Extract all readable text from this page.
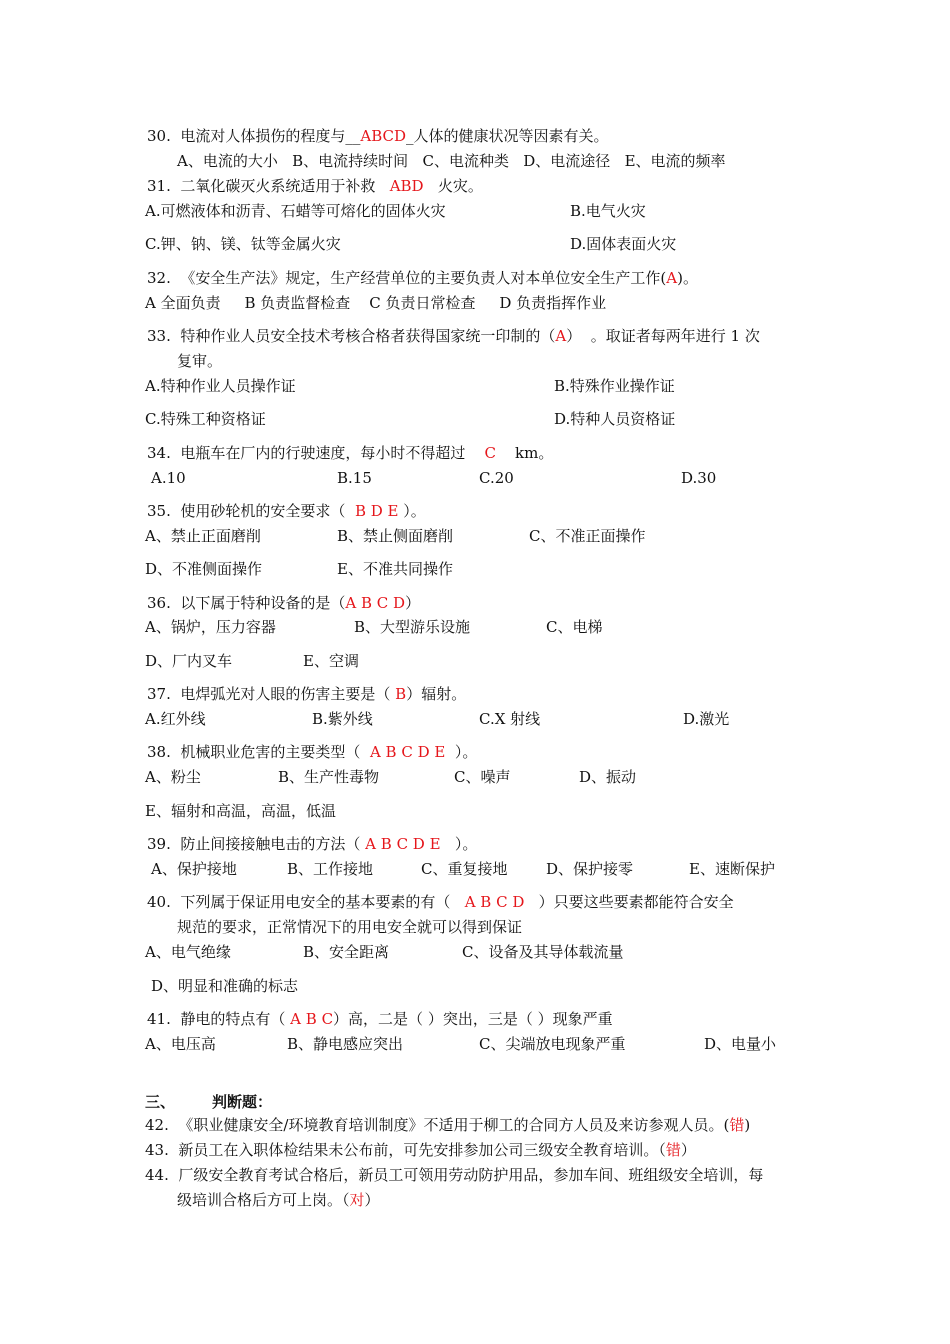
30.  电流对人体损伤的程度与__ABCD_人体的健康状况等因素有关。
A、电流的大小   B、电流持续时间   C、电流种类   D、电流途径   E、电流的频率
31.  二氧化碳灭火系统适用于补救   ABD   火灾。
A.可燃液体和沥青、石蜡等可熔化的固体火灾	B.电气火灾
C.钾、钠、镁、钛等金属火灾	D.固体表面火灾
32.  《安全生产法》规定，生产经营单位的主要负责人对本单位安全生产工作(A)。
A 全面负责     B 负责监督检查    C 负责日常检查     D 负责指挥作业
33.  特种作业人员安全技术考核合格者获得国家统一印制的（A）  。取证者每两年进行 1 次
复审。
A.特种作业人员操作证	B.特殊作业操作证
C.特殊工种资格证	D.特种人员资格证
34.  电瓶车在厂内的行驶速度，每小时不得超过    C    km。
A.10	B.15	C.20	D.30
35.  使用砂轮机的安全要求（  B D E ）。
A、禁止正面磨削	B、禁止侧面磨削	C、不准正面操作
D、不准侧面操作	E、不准共同操作
36.  以下属于特种设备的是（A B C D）
A、锅炉，压力容器	B、大型游乐设施	C、电梯
D、厂内叉车	E、空调
37.  电焊弧光对人眼的伤害主要是（ B）辐射。
A.红外线	B.紫外线	C.X 射线	D.激光
38.  机械职业危害的主要类型（  A B C D E  ）。
A、粉尘	B、生产性毒物	C、噪声	D、振动
E、辐射和高温，高温，低温
39.  防止间接接触电击的方法（ A B C D E   ）。
A、保护接地	B、工作接地	C、重复接地	D、保护接零	E、速断保护
40.  下列属于保证用电安全的基本要素的有（   A B C D   ）只要这些要素都能符合安全
规范的要求，正常情况下的用电安全就可以得到保证
A、电气绝缘	B、安全距离	C、设备及其导体载流量
D、明显和准确的标志
41.  静电的特点有（ A B C）高，二是（ ）突出，三是（ ）现象严重
A、电压高	B、静电感应突出	C、尖端放电现象严重	D、电量小
三、 判断题：
42.  《职业健康安全/环境教育培训制度》不适用于柳工的合同方人员及来访参观人员。(错)
43.  新员工在入职体检结果未公布前，可先安排参加公司三级安全教育培训。（错）
44.  厂级安全教育考试合格后，新员工可领用劳动防护用品，参加车间、班组级安全培训，每
级培训合格后方可上岗。（对）
